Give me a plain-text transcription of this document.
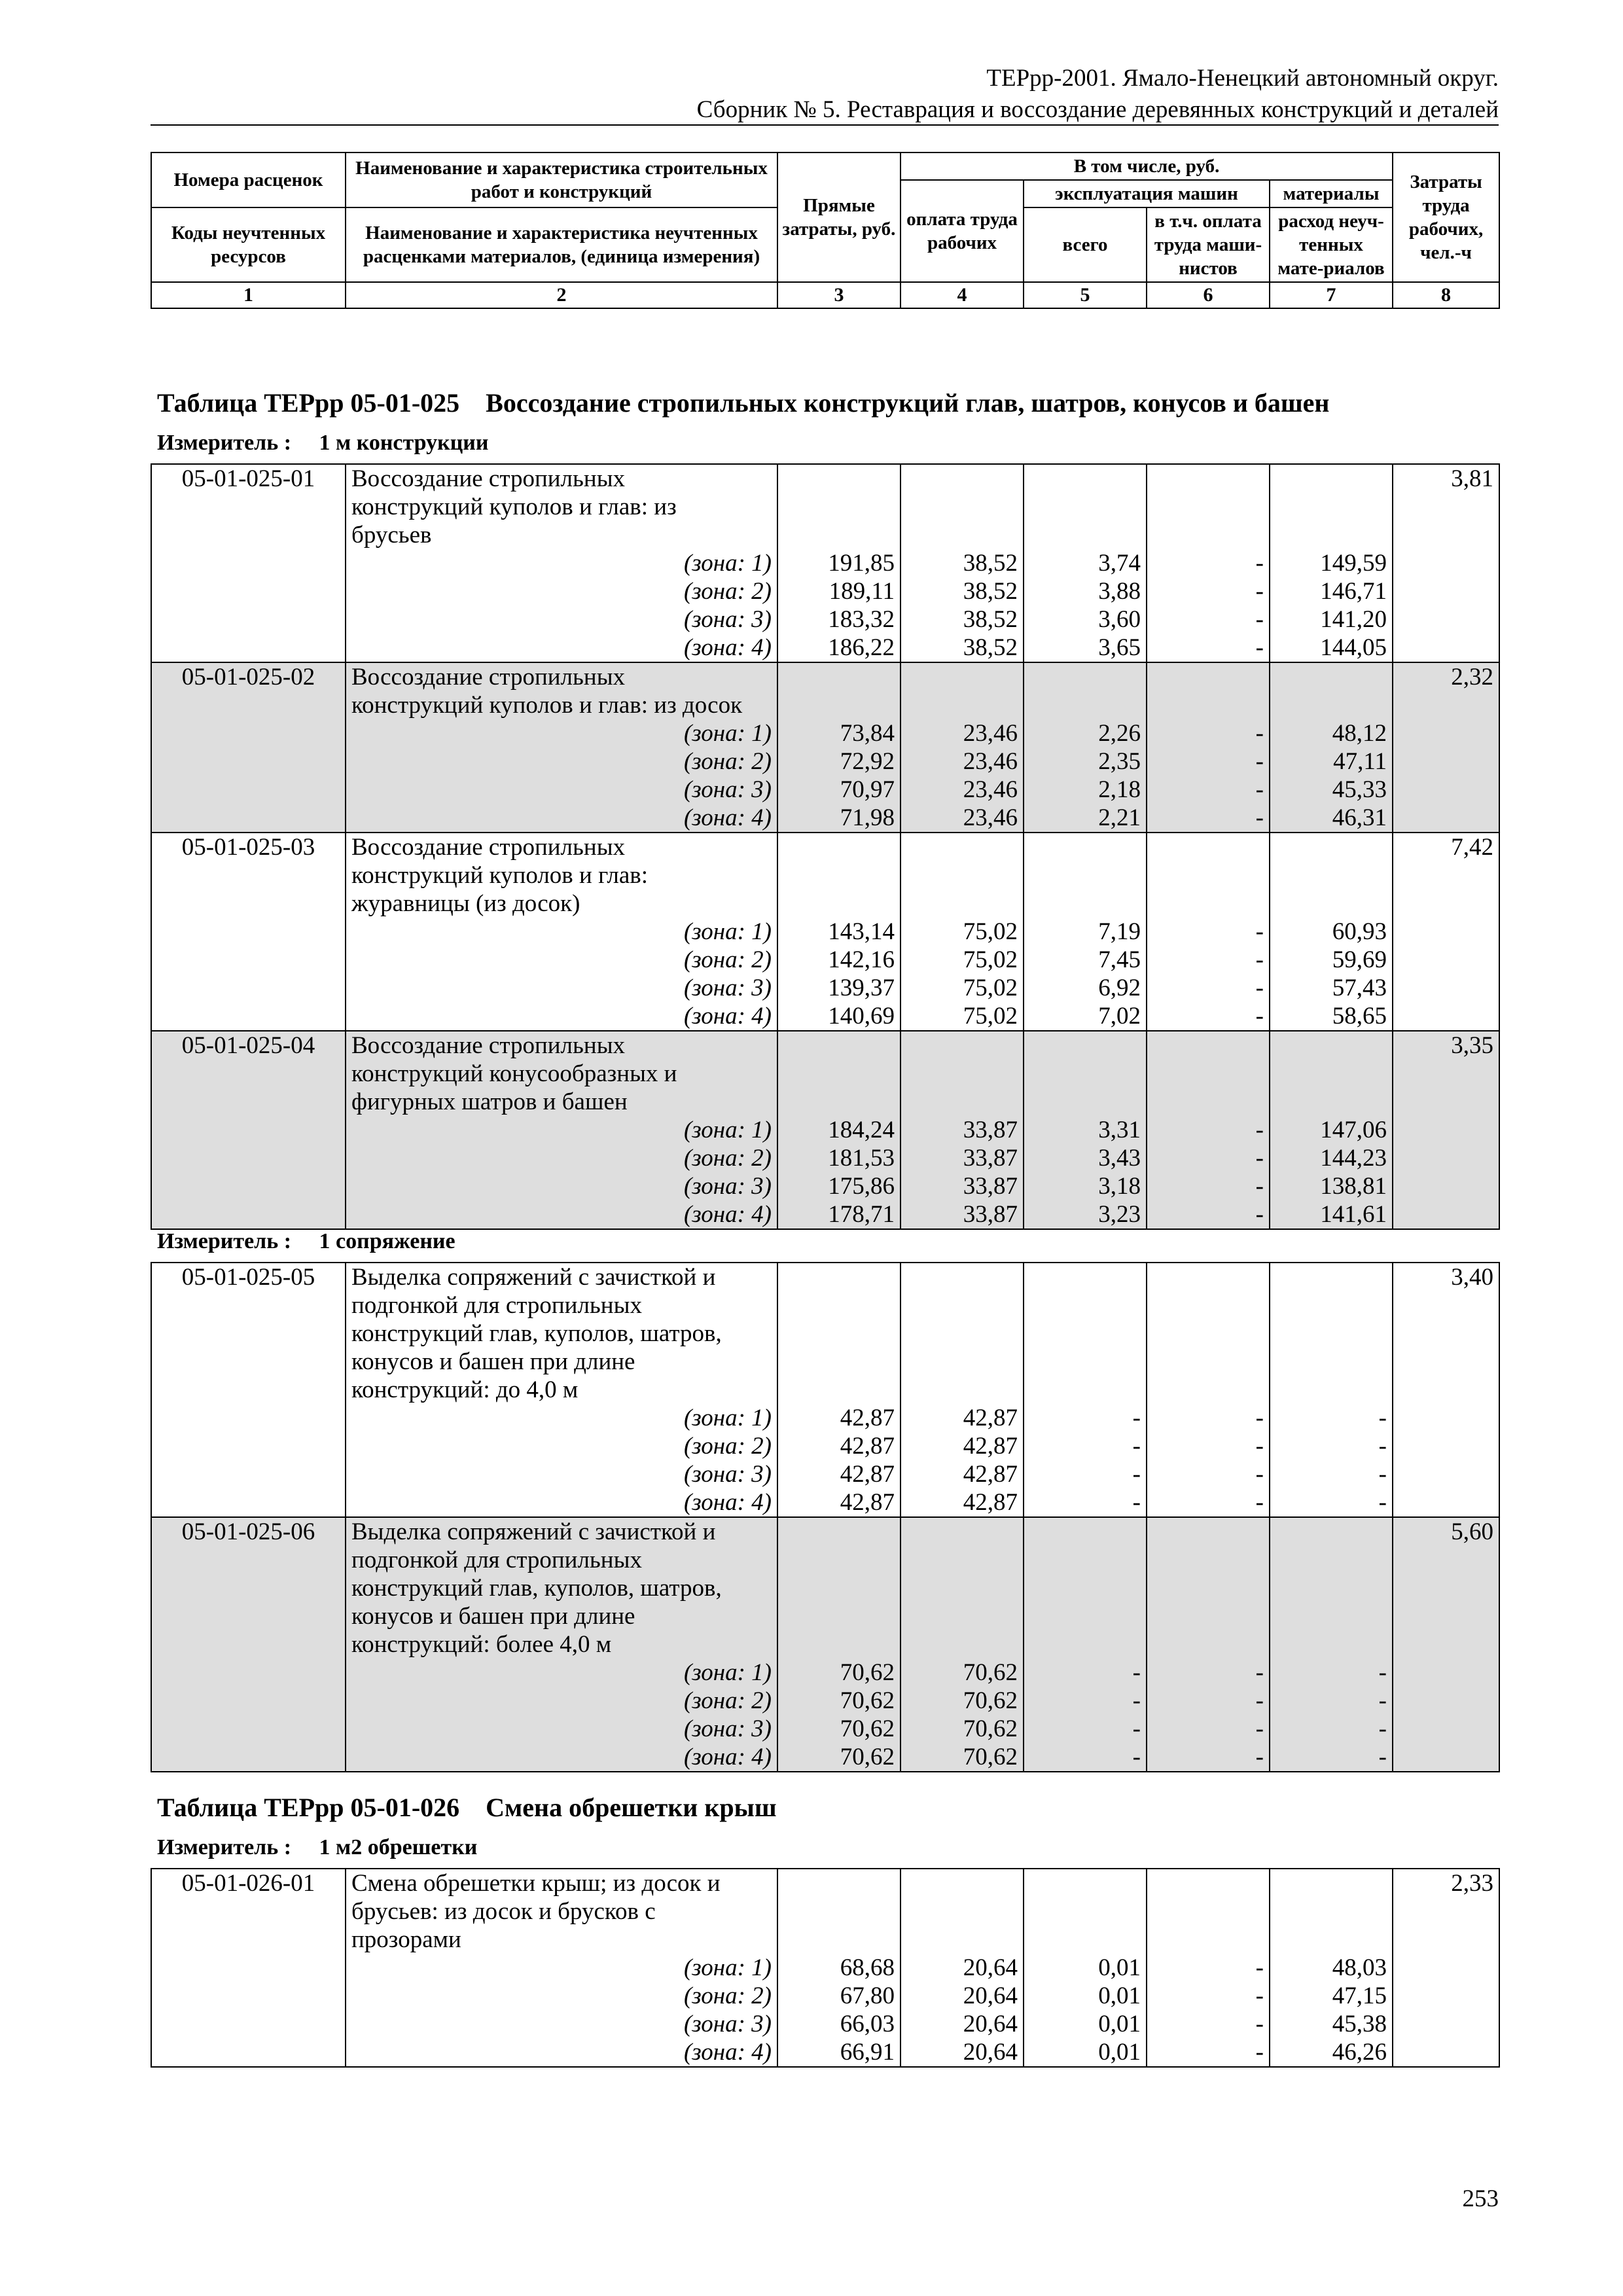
ТЕРрр-2001. Ямало-Ненецкий автономный округ.
Сборник № 5. Реставрация и воссоздание деревянных конструкций и деталей
Номера расценок	Наименование и характеристика строительных работ и конструкций	Прямые затраты, руб.	В том числе, руб.				Затраты труда рабочих, чел.-ч
			оплата труда рабочих	эксплуатация машин		материалы	
Коды неучтенных ресурсов	Наименование и характеристика неучтенных расценками материалов, (единица измерения)			всего	в т.ч. оплата труда маши-нистов	расход неуч-тенных мате-риалов	

1	2	3	4	5	6	7	8
Таблица ТЕРрр 05-01-025    Воссоздание стропильных конструкций глав, шатров, конусов и башен
Измеритель :     1 м конструкции
05-01-025-01	Воссоздание стропильных						3,81
	конструкций куполов и глав: из						
	брусьев						
	(зона: 1)	191,85	38,52	3,74	-	149,59	
	(зона: 2)	189,11	38,52	3,88	-	146,71	
	(зона: 3)	183,32	38,52	3,60	-	141,20	
	(зона: 4)	186,22	38,52	3,65	-	144,05	
05-01-025-02	Воссоздание стропильных						2,32
	конструкций куполов и глав: из досок						
	(зона: 1)	73,84	23,46	2,26	-	48,12	
	(зона: 2)	72,92	23,46	2,35	-	47,11	
	(зона: 3)	70,97	23,46	2,18	-	45,33	
	(зона: 4)	71,98	23,46	2,21	-	46,31	
05-01-025-03	Воссоздание стропильных						7,42
	конструкций куполов и глав:						
	журавницы (из досок)						
	(зона: 1)	143,14	75,02	7,19	-	60,93	
	(зона: 2)	142,16	75,02	7,45	-	59,69	
	(зона: 3)	139,37	75,02	6,92	-	57,43	
	(зона: 4)	140,69	75,02	7,02	-	58,65	
05-01-025-04	Воссоздание стропильных						3,35
	конструкций конусообразных и						
	фигурных шатров и башен						
	(зона: 1)	184,24	33,87	3,31	-	147,06	
	(зона: 2)	181,53	33,87	3,43	-	144,23	
	(зона: 3)	175,86	33,87	3,18	-	138,81	
	(зона: 4)	178,71	33,87	3,23	-	141,61	
Измеритель :     1 сопряжение
05-01-025-05	Выделка сопряжений с зачисткой и						3,40
	подгонкой для стропильных						
	конструкций глав, куполов, шатров,						
	конусов и башен при длине						
	конструкций: до 4,0 м						
	(зона: 1)	42,87	42,87	-	-	-	
	(зона: 2)	42,87	42,87	-	-	-	
	(зона: 3)	42,87	42,87	-	-	-	
	(зона: 4)	42,87	42,87	-	-	-	
05-01-025-06	Выделка сопряжений с зачисткой и						5,60
	подгонкой для стропильных						
	конструкций глав, куполов, шатров,						
	конусов и башен при длине						
	конструкций: более 4,0 м						
	(зона: 1)	70,62	70,62	-	-	-	
	(зона: 2)	70,62	70,62	-	-	-	
	(зона: 3)	70,62	70,62	-	-	-	
	(зона: 4)	70,62	70,62	-	-	-	
Таблица ТЕРрр 05-01-026    Смена обрешетки крыш
Измеритель :     1 м2 обрешетки
05-01-026-01	Смена обрешетки крыш; из досок и						2,33
	брусьев: из досок и брусков с						
	прозорами						
	(зона: 1)	68,68	20,64	0,01	-	48,03	
	(зона: 2)	67,80	20,64	0,01	-	47,15	
	(зона: 3)	66,03	20,64	0,01	-	45,38	
	(зона: 4)	66,91	20,64	0,01	-	46,26	
253
